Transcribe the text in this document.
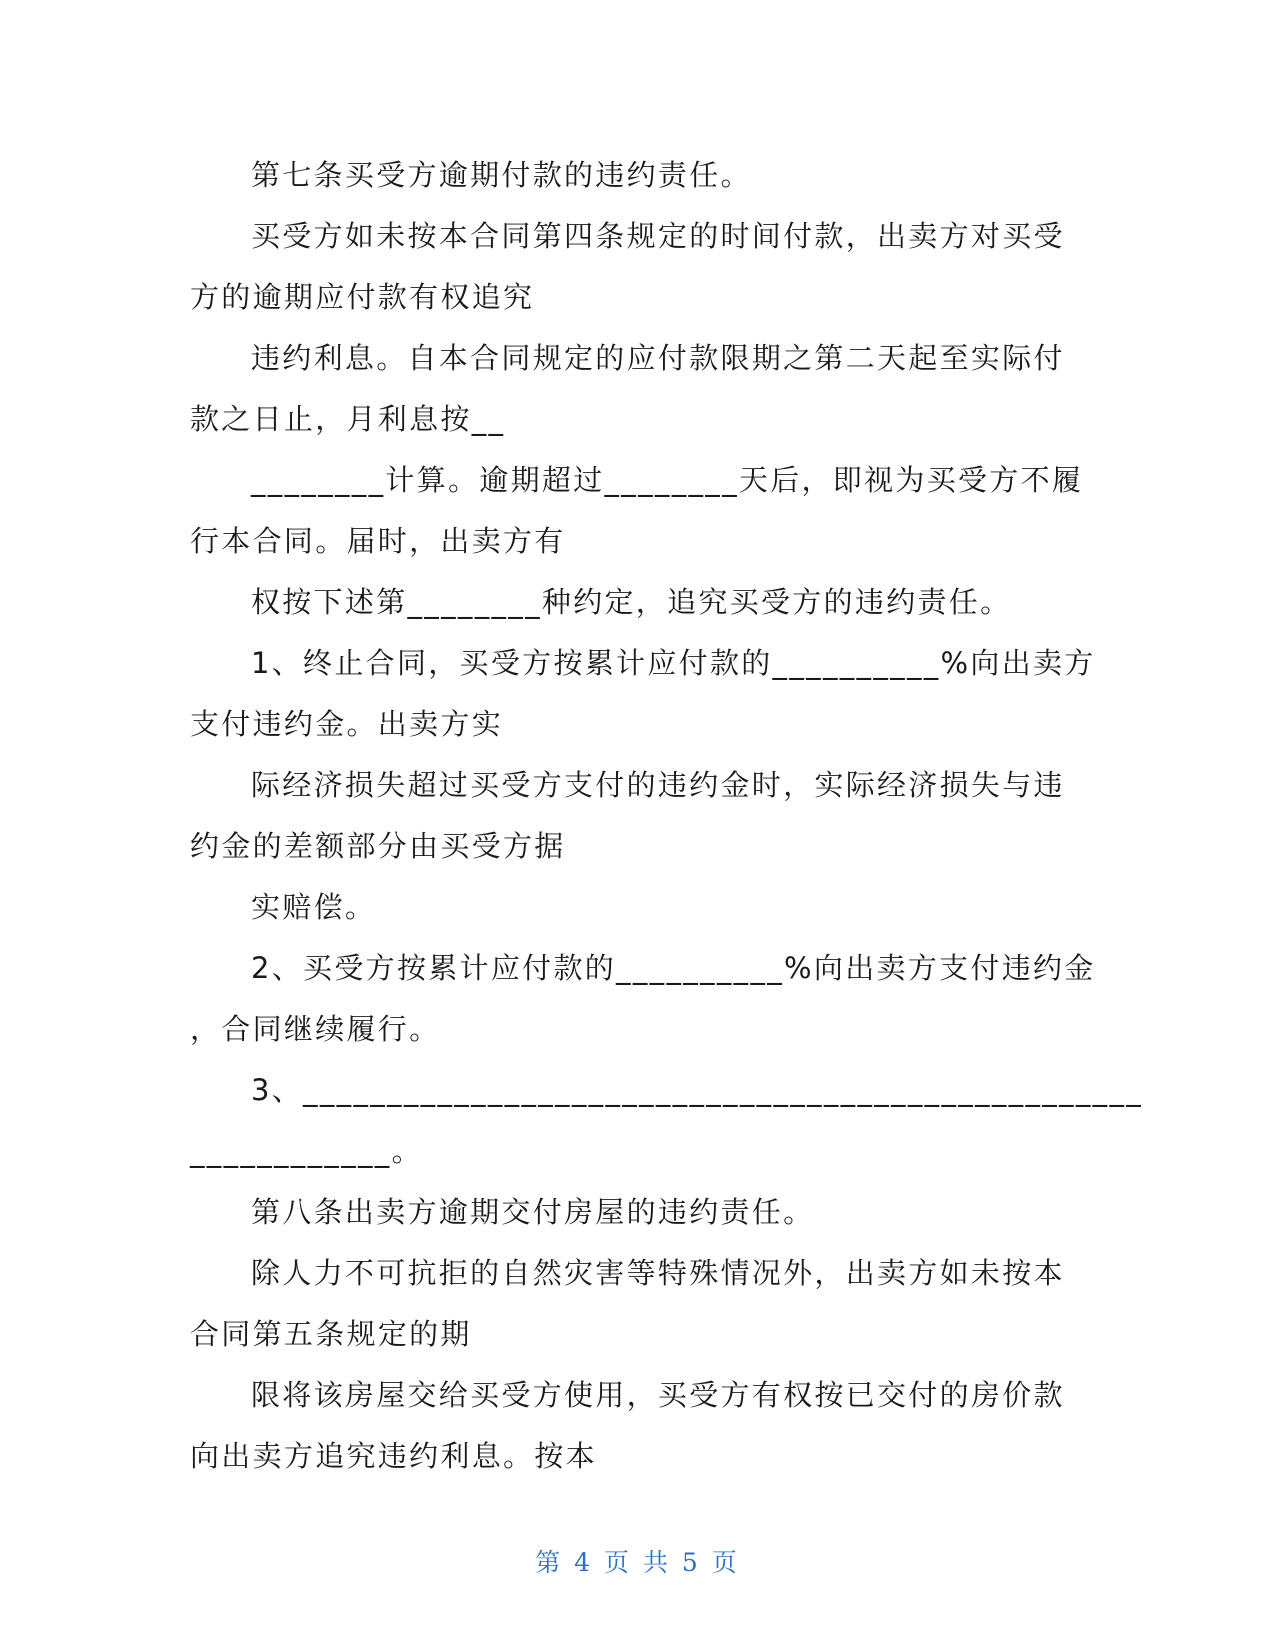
第七条买受方逾期付款的违约责任。
买受方如未按本合同第四条规定的时间付款，出卖方对买受
方的逾期应付款有权追究
违约利息。自本合同规定的应付款限期之第二天起至实际付
款之日止，月利息按__
________计算。逾期超过________天后，即视为买受方不履
行本合同。届时，出卖方有
权按下述第________种约定，追究买受方的违约责任。
1、终止合同，买受方按累计应付款的__________%向出卖方
支付违约金。出卖方实
际经济损失超过买受方支付的违约金时，实际经济损失与违
约金的差额部分由买受方据
实赔偿。
2、买受方按累计应付款的__________%向出卖方支付违约金
，合同继续履行。
3、__________________________________________________
____________。
第八条出卖方逾期交付房屋的违约责任。
除人力不可抗拒的自然灾害等特殊情况外，出卖方如未按本
合同第五条规定的期
限将该房屋交给买受方使用，买受方有权按已交付的房价款
向出卖方追究违约利息。按本
第 4 页 共 5 页
